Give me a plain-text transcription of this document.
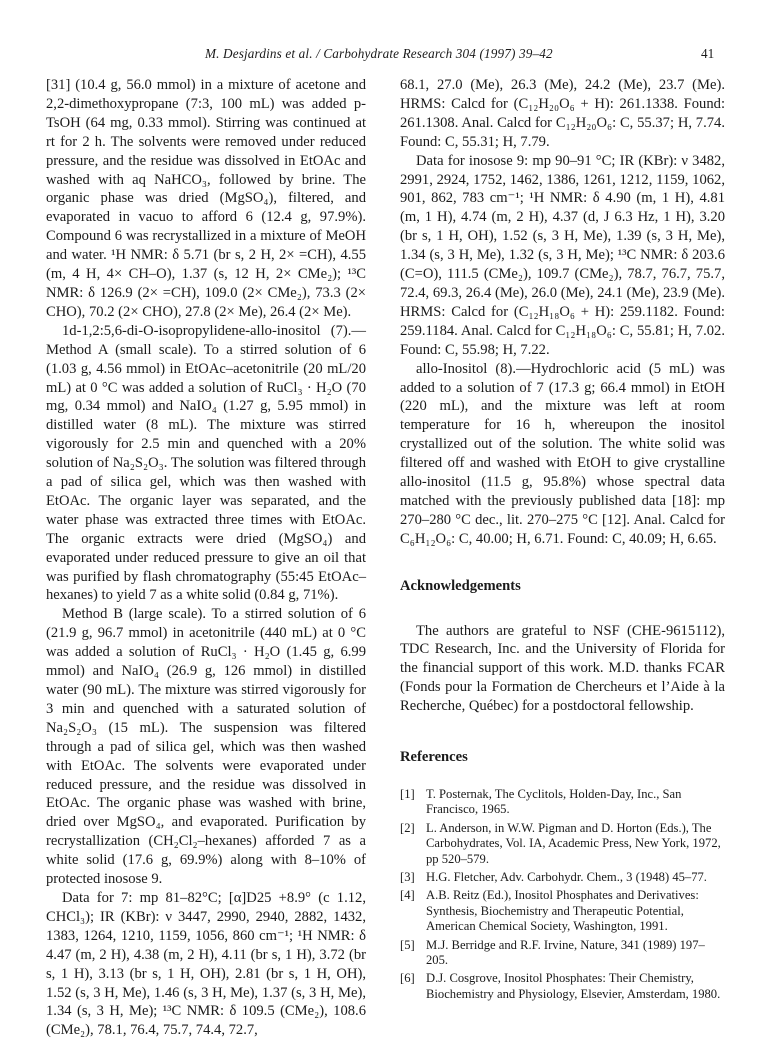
M. Desjardins et al. / Carbohydrate Research 304 (1997) 39–42	41

[31] (10.4 g, 56.0 mmol) in a mixture of acetone and 2,2-dimethoxypropane (7:3, 100 mL) was added p-TsOH (64 mg, 0.33 mmol). Stirring was continued at rt for 2 h. The solvents were removed under reduced pressure, and the residue was dissolved in EtOAc and washed with aq NaHCO₃, followed by brine. The organic phase was dried (MgSO₄), filtered, and evaporated in vacuo to afford 6 (12.4 g, 97.9%). Compound 6 was recrystallized in a mixture of MeOH and water. ¹H NMR: δ 5.71 (br s, 2 H, 2× =CH), 4.55 (m, 4 H, 4× CH–O), 1.37 (s, 12 H, 2× CMe₂); ¹³C NMR: δ 126.9 (2× =CH), 109.0 (2× CMe₂), 73.3 (2× CHO), 70.2 (2× CHO), 27.8 (2× Me), 26.4 (2× Me).

1d-1,2:5,6-di-O-isopropylidene-allo-inositol (7).—Method A (small scale). To a stirred solution of 6 (1.03 g, 4.56 mmol) in EtOAc–acetonitrile (20 mL/20 mL) at 0 °C was added a solution of RuCl₃ · H₂O (70 mg, 0.34 mmol) and NaIO₄ (1.27 g, 5.95 mmol) in distilled water (8 mL). The mixture was stirred vigorously for 2.5 min and quenched with a 20% solution of Na₂S₂O₃. The solution was filtered through a pad of silica gel, which was then washed with EtOAc. The organic layer was separated, and the water phase was extracted three times with EtOAc. The organic extracts were dried (MgSO₄) and evaporated under reduced pressure to give an oil that was purified by flash chromatography (55:45 EtOAc–hexanes) to yield 7 as a white solid (0.84 g, 71%).

Method B (large scale). To a stirred solution of 6 (21.9 g, 96.7 mmol) in acetonitrile (440 mL) at 0 °C was added a solution of RuCl₃ · H₂O (1.45 g, 6.99 mmol) and NaIO₄ (26.9 g, 126 mmol) in distilled water (90 mL). The mixture was stirred vigorously for 3 min and quenched with a saturated solution of Na₂S₂O₃ (15 mL). The suspension was filtered through a pad of silica gel, which was then washed with EtOAc. The solvents were evaporated under reduced pressure, and the residue was dissolved in EtOAc. The organic phase was washed with brine, dried over MgSO₄, and evaporated. Purification by recrystallization (CH₂Cl₂–hexanes) afforded 7 as a white solid (17.6 g, 69.9%) along with 8–10% of protected inosose 9.

Data for 7: mp 81–82°C; [α]D25 +8.9° (c 1.12, CHCl₃); IR (KBr): ν 3447, 2990, 2940, 2882, 1432, 1383, 1264, 1210, 1159, 1056, 860 cm⁻¹; ¹H NMR: δ 4.47 (m, 2 H), 4.38 (m, 2 H), 4.11 (br s, 1 H), 3.72 (br s, 1 H), 3.13 (br s, 1 H, OH), 2.81 (br s, 1 H, OH), 1.52 (s, 3 H, Me), 1.46 (s, 3 H, Me), 1.37 (s, 3 H, Me), 1.34 (s, 3 H, Me); ¹³C NMR: δ 109.5 (CMe₂), 108.6 (CMe₂), 78.1, 76.4, 75.7, 74.4, 72.7,

68.1, 27.0 (Me), 26.3 (Me), 24.2 (Me), 23.7 (Me). HRMS: Calcd for (C₁₂H₂₀O₆ + H): 261.1338. Found: 261.1308. Anal. Calcd for C₁₂H₂₀O₆: C, 55.37; H, 7.74. Found: C, 55.31; H, 7.79.

Data for inosose 9: mp 90–91 °C; IR (KBr): ν 3482, 2991, 2924, 1752, 1462, 1386, 1261, 1212, 1159, 1062, 901, 862, 783 cm⁻¹; ¹H NMR: δ 4.90 (m, 1 H), 4.81 (m, 1 H), 4.74 (m, 2 H), 4.37 (d, J 6.3 Hz, 1 H), 3.20 (br s, 1 H, OH), 1.52 (s, 3 H, Me), 1.39 (s, 3 H, Me), 1.34 (s, 3 H, Me), 1.32 (s, 3 H, Me); ¹³C NMR: δ 203.6 (C=O), 111.5 (CMe₂), 109.7 (CMe₂), 78.7, 76.7, 75.7, 72.4, 69.3, 26.4 (Me), 26.0 (Me), 24.1 (Me), 23.9 (Me). HRMS: Calcd for (C₁₂H₁₈O₆ + H): 259.1182. Found: 259.1184. Anal. Calcd for C₁₂H₁₈O₆: C, 55.81; H, 7.02. Found: C, 55.98; H, 7.22.

allo-Inositol (8).—Hydrochloric acid (5 mL) was added to a solution of 7 (17.3 g; 66.4 mmol) in EtOH (220 mL), and the mixture was left at room temperature for 16 h, whereupon the inositol crystallized out of the solution. The white solid was filtered off and washed with EtOH to give crystalline allo-inositol (11.5 g, 95.8%) whose spectral data matched with the previously published data [18]: mp 270–280 °C dec., lit. 270–275 °C [12]. Anal. Calcd for C₆H₁₂O₆: C, 40.00; H, 6.71. Found: C, 40.09; H, 6.65.

Acknowledgements

The authors are grateful to NSF (CHE-9615112), TDC Research, Inc. and the University of Florida for the financial support of this work. M.D. thanks FCAR (Fonds pour la Formation de Chercheurs et l’Aide à la Recherche, Québec) for a postdoctoral fellowship.

References
[1] T. Posternak, The Cyclitols, Holden-Day, Inc., San Francisco, 1965.
[2] L. Anderson, in W.W. Pigman and D. Horton (Eds.), The Carbohydrates, Vol. IA, Academic Press, New York, 1972, pp 520–579.
[3] H.G. Fletcher, Adv. Carbohydr. Chem., 3 (1948) 45–77.
[4] A.B. Reitz (Ed.), Inositol Phosphates and Derivatives: Synthesis, Biochemistry and Therapeutic Potential, American Chemical Society, Washington, 1991.
[5] M.J. Berridge and R.F. Irvine, Nature, 341 (1989) 197–205.
[6] D.J. Cosgrove, Inositol Phosphates: Their Chemistry, Biochemistry and Physiology, Elsevier, Amsterdam, 1980.
